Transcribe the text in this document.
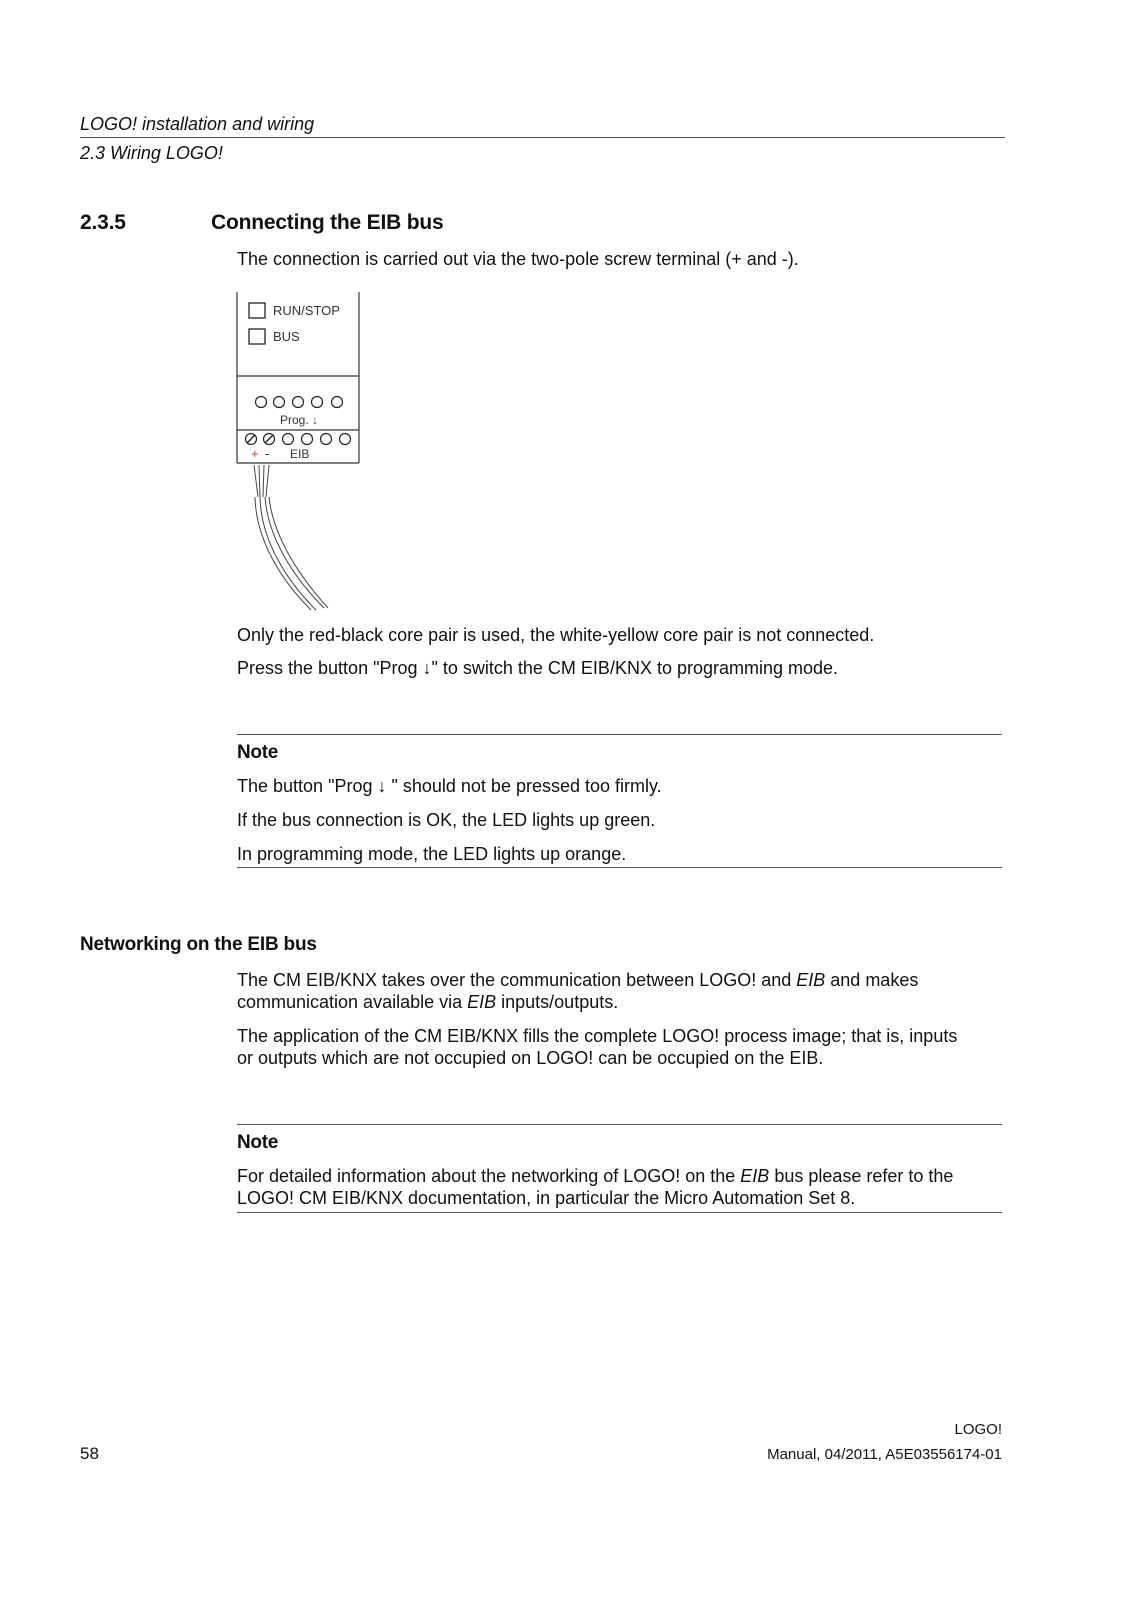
LOGO! installation and wiring
2.3 Wiring LOGO!
2.3.5	Connecting the EIB bus
The connection is carried out via the two-pole screw terminal (+ and -).
RUN/STOP
BUS
Prog. ↓
+ - EIB
Only the red-black core pair is used, the white-yellow core pair is not connected.
Press the button "Prog ↓" to switch the CM EIB/KNX to programming mode.
Note
The button "Prog ↓ " should not be pressed too firmly.
If the bus connection is OK, the LED lights up green.
In programming mode, the LED lights up orange.
Networking on the EIB bus
The CM EIB/KNX takes over the communication between LOGO! and EIB and makes
communication available via EIB inputs/outputs.
The application of the CM EIB/KNX fills the complete LOGO! process image; that is, inputs
or outputs which are not occupied on LOGO! can be occupied on the EIB.
Note
For detailed information about the networking of LOGO! on the EIB bus please refer to the
LOGO! CM EIB/KNX documentation, in particular the Micro Automation Set 8.
58
LOGO!
Manual, 04/2011, A5E03556174-01
